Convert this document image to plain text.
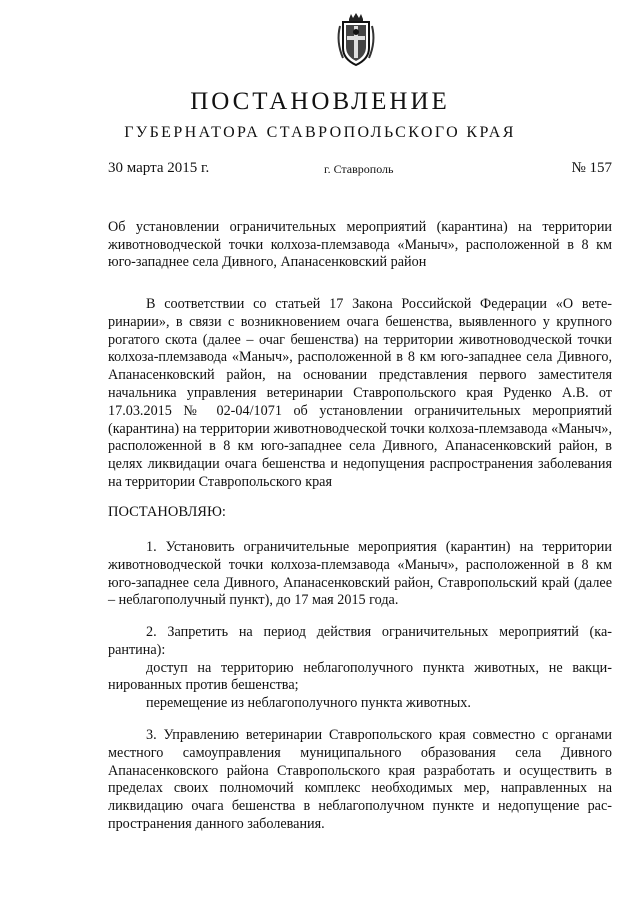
ПОСТАНОВЛЕНИЕ
ГУБЕРНАТОРА СТАВРОПОЛЬСКОГО КРАЯ
30 марта 2015 г.	г. Ставрополь	№ 157
Об установлении ограничительных мероприятий (карантина) на территории животноводческой точки колхоза-племзавода «Маныч», расположенной в 8 км юго-западнее села Дивного, Апанасенковский район

В соответствии со статьей 17 Закона Российской Федерации «О ветеринарии», в связи с возникновением очага бешенства, выявленного у крупного рогатого скота (далее – очаг бешенства) на территории животноводческой точки колхоза-племзавода «Маныч», расположенной в 8 км юго-западнее села Дивного, Апанасенковский район, на основании представления первого заместителя начальника управления ветеринарии Ставропольского края Руденко А.В. от 17.03.2015 № 02-04/1071 об установлении ограничительных мероприятий (карантина) на территории животноводческой точки колхоза-племзавода «Маныч», расположенной в 8 км юго-западнее села Дивного, Апанасенковский район, в целях ликвидации очага бешенства и недопущения распространения заболевания на территории Ставропольского края

ПОСТАНОВЛЯЮ:

1. Установить ограничительные мероприятия (карантин) на территории животноводческой точки колхоза-племзавода «Маныч», расположенной в 8 км юго-западнее села Дивного, Апанасенковский район, Ставропольский край (далее – неблагополучный пункт), до 17 мая 2015 года.

2. Запретить на период действия ограничительных мероприятий (карантина):

доступ на территорию неблагополучного пункта животных, не вакцинированных против бешенства;

перемещение из неблагополучного пункта животных.

3. Управлению ветеринарии Ставропольского края совместно с органами местного самоуправления муниципального образования села Дивного Апанасенковского района Ставропольского края разработать и осуществить в пределах своих полномочий комплекс необходимых мер, направленных на ликвидацию очага бешенства в неблагополучном пункте и недопущение распространения данного заболевания.
